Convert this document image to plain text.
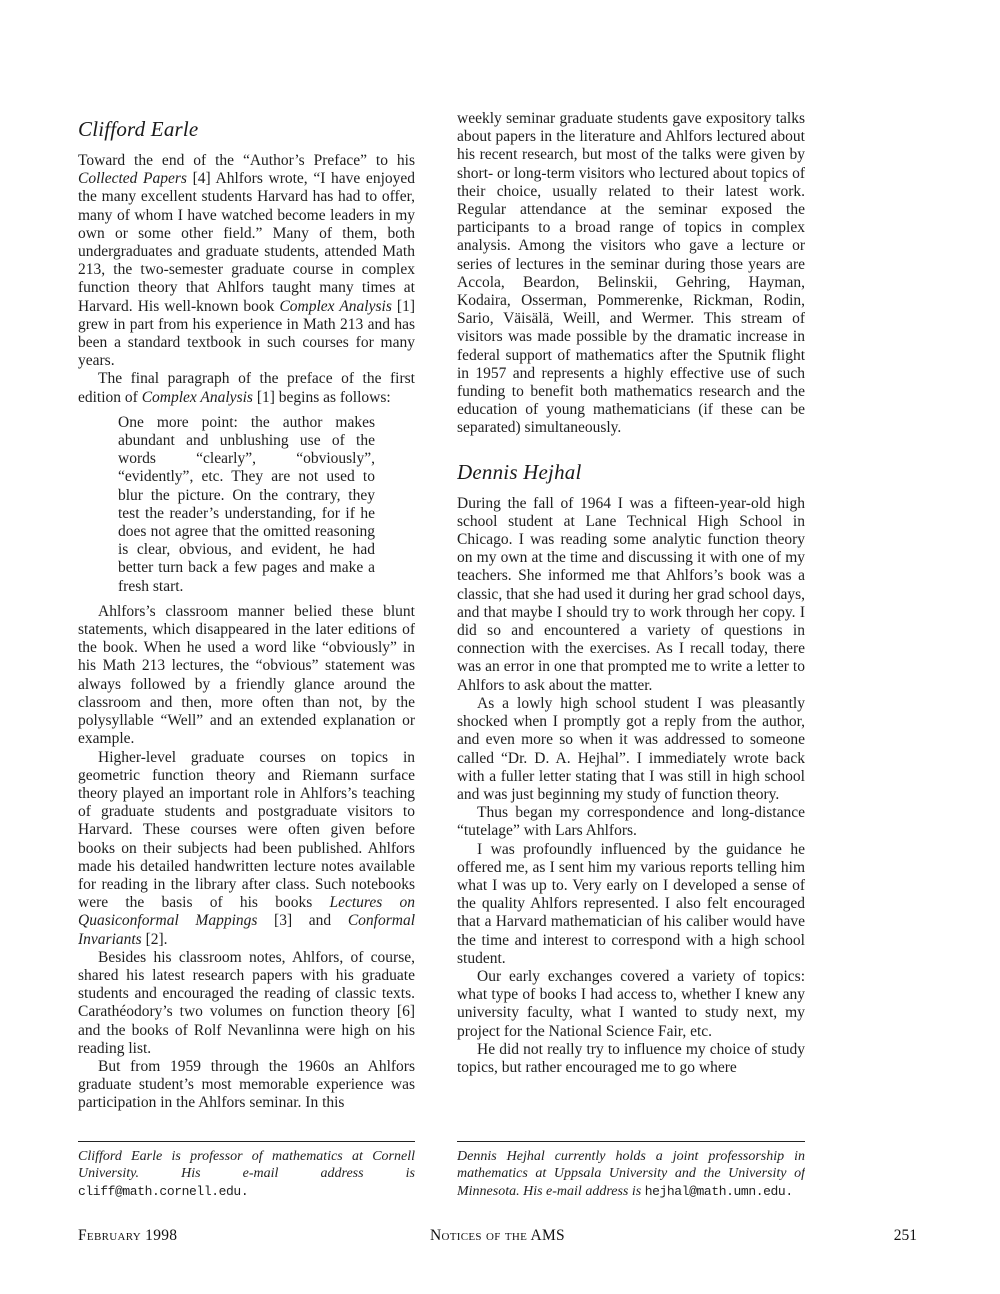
Clifford Earle

Toward the end of the “Author’s Preface” to his Collected Papers [4] Ahlfors wrote, “I have enjoyed the many excellent students Harvard has had to offer, many of whom I have watched become leaders in my own or some other field.” Many of them, both undergraduates and graduate students, attended Math 213, the two-semester graduate course in complex function theory that Ahlfors taught many times at Harvard. His well-known book Complex Analysis [1] grew in part from his experience in Math 213 and has been a standard textbook in such courses for many years.

The final paragraph of the preface of the first edition of Complex Analysis [1] begins as follows:

One more point: the author makes abundant and unblushing use of the words “clearly”, “obviously”, “evidently”, etc. They are not used to blur the picture. On the contrary, they test the reader’s understanding, for if he does not agree that the omitted reasoning is clear, obvious, and evident, he had better turn back a few pages and make a fresh start.

Ahlfors’s classroom manner belied these blunt statements, which disappeared in the later editions of the book. When he used a word like “obviously” in his Math 213 lectures, the “obvious” statement was always followed by a friendly glance around the classroom and then, more often than not, by the polysyllable “Well” and an extended explanation or example.

Higher-level graduate courses on topics in geometric function theory and Riemann surface theory played an important role in Ahlfors’s teaching of graduate students and postgraduate visitors to Harvard. These courses were often given before books on their subjects had been published. Ahlfors made his detailed handwritten lecture notes available for reading in the library after class. Such notebooks were the basis of his books Lectures on Quasiconformal Mappings [3] and Conformal Invariants [2].

Besides his classroom notes, Ahlfors, of course, shared his latest research papers with his graduate students and encouraged the reading of classic texts. Carathéodory’s two volumes on function theory [6] and the books of Rolf Nevanlinna were high on his reading list.

But from 1959 through the 1960s an Ahlfors graduate student’s most memorable experience was participation in the Ahlfors seminar. In this

Clifford Earle is professor of mathematics at Cornell University. His e-mail address is cliff@math.cornell.edu.

weekly seminar graduate students gave expository talks about papers in the literature and Ahlfors lectured about his recent research, but most of the talks were given by short- or long-term visitors who lectured about topics of their choice, usually related to their latest work. Regular attendance at the seminar exposed the participants to a broad range of topics in complex analysis. Among the visitors who gave a lecture or series of lectures in the seminar during those years are Accola, Beardon, Belinskii, Gehring, Hayman, Kodaira, Osserman, Pommerenke, Rickman, Rodin, Sario, Väisälä, Weill, and Wermer. This stream of visitors was made possible by the dramatic increase in federal support of mathematics after the Sputnik flight in 1957 and represents a highly effective use of such funding to benefit both mathematics research and the education of young mathematicians (if these can be separated) simultaneously.

Dennis Hejhal

During the fall of 1964 I was a fifteen-year-old high school student at Lane Technical High School in Chicago. I was reading some analytic function theory on my own at the time and discussing it with one of my teachers. She informed me that Ahlfors’s book was a classic, that she had used it during her grad school days, and that maybe I should try to work through her copy. I did so and encountered a variety of questions in connection with the exercises. As I recall today, there was an error in one that prompted me to write a letter to Ahlfors to ask about the matter.

As a lowly high school student I was pleasantly shocked when I promptly got a reply from the author, and even more so when it was addressed to someone called “Dr. D. A. Hejhal”. I immediately wrote back with a fuller letter stating that I was still in high school and was just beginning my study of function theory.

Thus began my correspondence and long-distance “tutelage” with Lars Ahlfors.

I was profoundly influenced by the guidance he offered me, as I sent him my various reports telling him what I was up to. Very early on I developed a sense of the quality Ahlfors represented. I also felt encouraged that a Harvard mathematician of his caliber would have the time and interest to correspond with a high school student.

Our early exchanges covered a variety of topics: what type of books I had access to, whether I knew any university faculty, what I wanted to study next, my project for the National Science Fair, etc.

He did not really try to influence my choice of study topics, but rather encouraged me to go where

Dennis Hejhal currently holds a joint professorship in mathematics at Uppsala University and the University of Minnesota. His e-mail address is hejhal@math.umn.edu.
February 1998	Notices of the AMS	251
